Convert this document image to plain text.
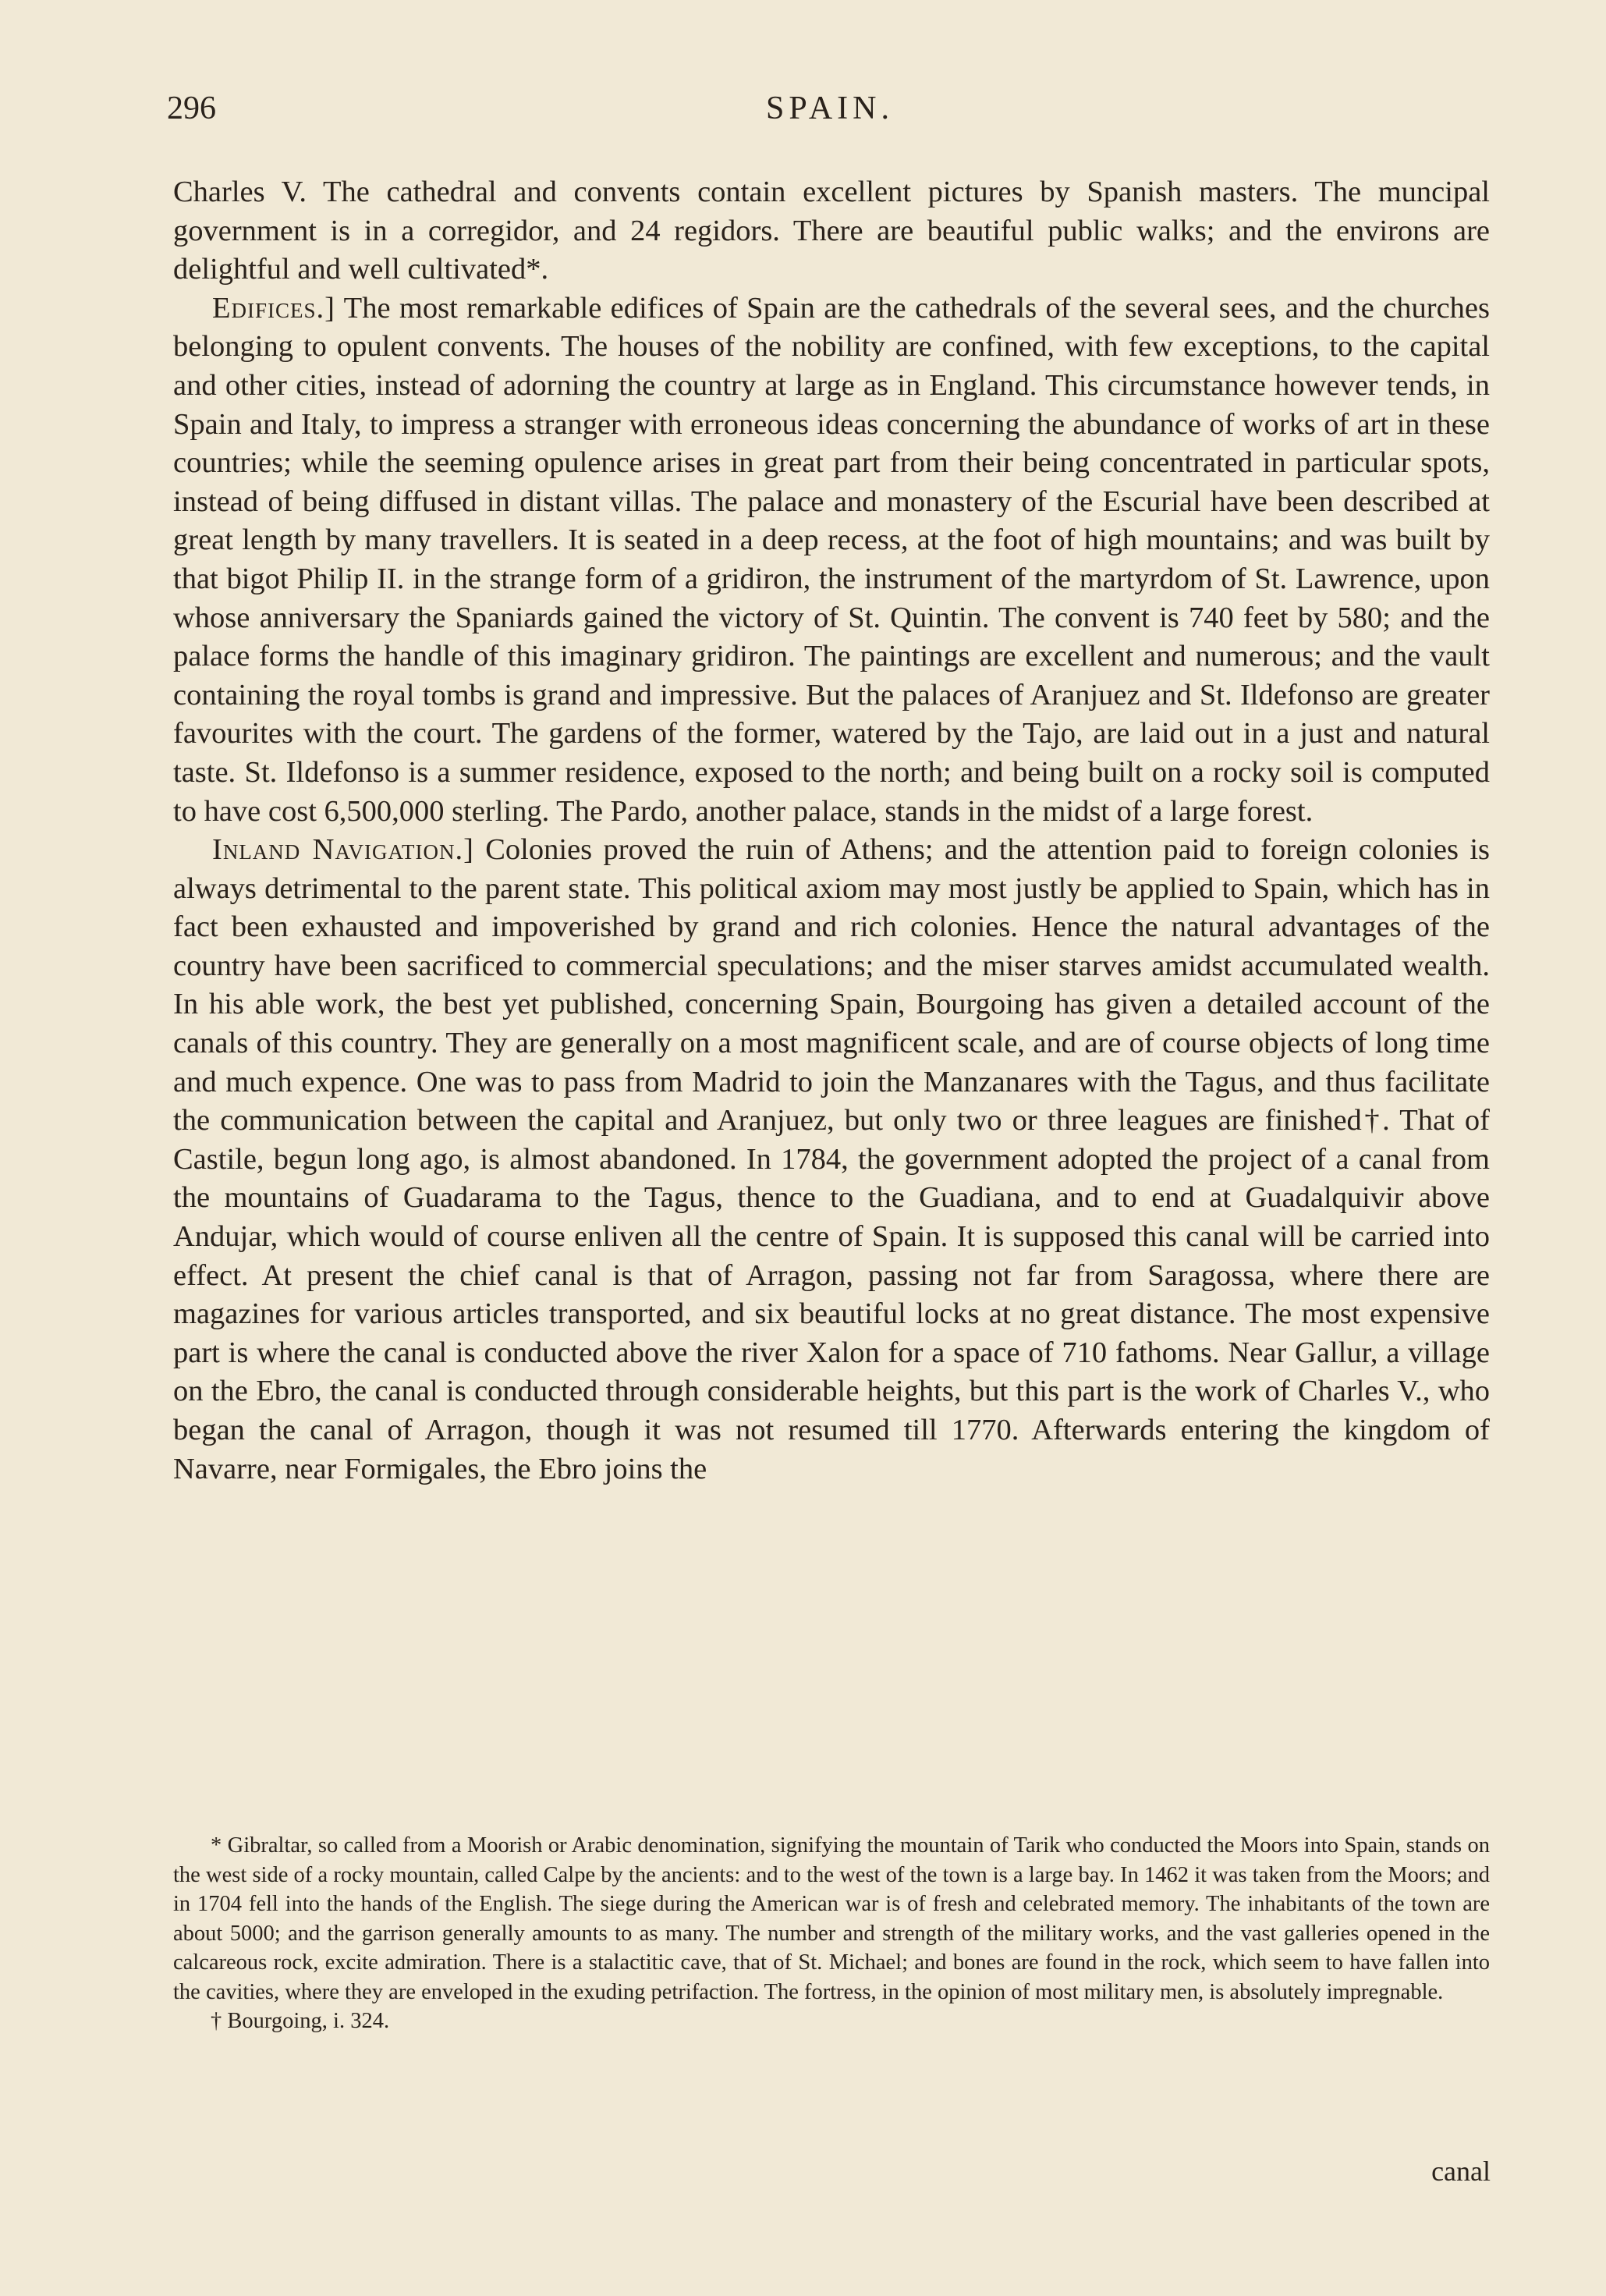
296	SPAIN.

Charles V. The cathedral and convents contain excellent pictures by Spanish masters. The muncipal government is in a corregidor, and 24 regidors. There are beautiful public walks; and the environs are delightful and well cultivated*.

Edifices.] The most remarkable edifices of Spain are the cathedrals of the several sees, and the churches belonging to opulent convents. The houses of the nobility are confined, with few exceptions, to the capital and other cities, instead of adorning the country at large as in England. This circumstance however tends, in Spain and Italy, to impress a stranger with erroneous ideas concerning the abundance of works of art in these countries; while the seeming opulence arises in great part from their being concentrated in particular spots, instead of being diffused in distant villas. The palace and monastery of the Escurial have been described at great length by many travellers. It is seated in a deep recess, at the foot of high mountains; and was built by that bigot Philip II. in the strange form of a gridiron, the instrument of the martyrdom of St. Lawrence, upon whose anniversary the Spaniards gained the victory of St. Quintin. The convent is 740 feet by 580; and the palace forms the handle of this imaginary gridiron. The paintings are excellent and numerous; and the vault containing the royal tombs is grand and impressive. But the palaces of Aranjuez and St. Ildefonso are greater favourites with the court. The gardens of the former, watered by the Tajo, are laid out in a just and natural taste. St. Ildefonso is a summer residence, exposed to the north; and being built on a rocky soil is computed to have cost 6,500,000 sterling. The Pardo, another palace, stands in the midst of a large forest.

Inland Navigation.] Colonies proved the ruin of Athens; and the attention paid to foreign colonies is always detrimental to the parent state. This political axiom may most justly be applied to Spain, which has in fact been exhausted and impoverished by grand and rich colonies. Hence the natural advantages of the country have been sacrificed to commercial speculations; and the miser starves amidst accumulated wealth. In his able work, the best yet published, concerning Spain, Bourgoing has given a detailed account of the canals of this country. They are generally on a most magnificent scale, and are of course objects of long time and much expence. One was to pass from Madrid to join the Manzanares with the Tagus, and thus facilitate the communication between the capital and Aranjuez, but only two or three leagues are finished†. That of Castile, begun long ago, is almost abandoned. In 1784, the government adopted the project of a canal from the mountains of Guadarama to the Tagus, thence to the Guadiana, and to end at Guadalquivir above Andujar, which would of course enliven all the centre of Spain. It is supposed this canal will be carried into effect. At present the chief canal is that of Arragon, passing not far from Saragossa, where there are magazines for various articles transported, and six beautiful locks at no great distance. The most expensive part is where the canal is conducted above the river Xalon for a space of 710 fathoms. Near Gallur, a village on the Ebro, the canal is conducted through considerable heights, but this part is the work of Charles V., who began the canal of Arragon, though it was not resumed till 1770. Afterwards entering the kingdom of Navarre, near Formigales, the Ebro joins the

* Gibraltar, so called from a Moorish or Arabic denomination, signifying the mountain of Tarik who conducted the Moors into Spain, stands on the west side of a rocky mountain, called Calpe by the ancients: and to the west of the town is a large bay. In 1462 it was taken from the Moors; and in 1704 fell into the hands of the English. The siege during the American war is of fresh and celebrated memory. The inhabitants of the town are about 5000; and the garrison generally amounts to as many. The number and strength of the military works, and the vast galleries opened in the calcareous rock, excite admiration. There is a stalactitic cave, that of St. Michael; and bones are found in the rock, which seem to have fallen into the cavities, where they are enveloped in the exuding petrifaction. The fortress, in the opinion of most military men, is absolutely impregnable.

† Bourgoing, i. 324.

canal
